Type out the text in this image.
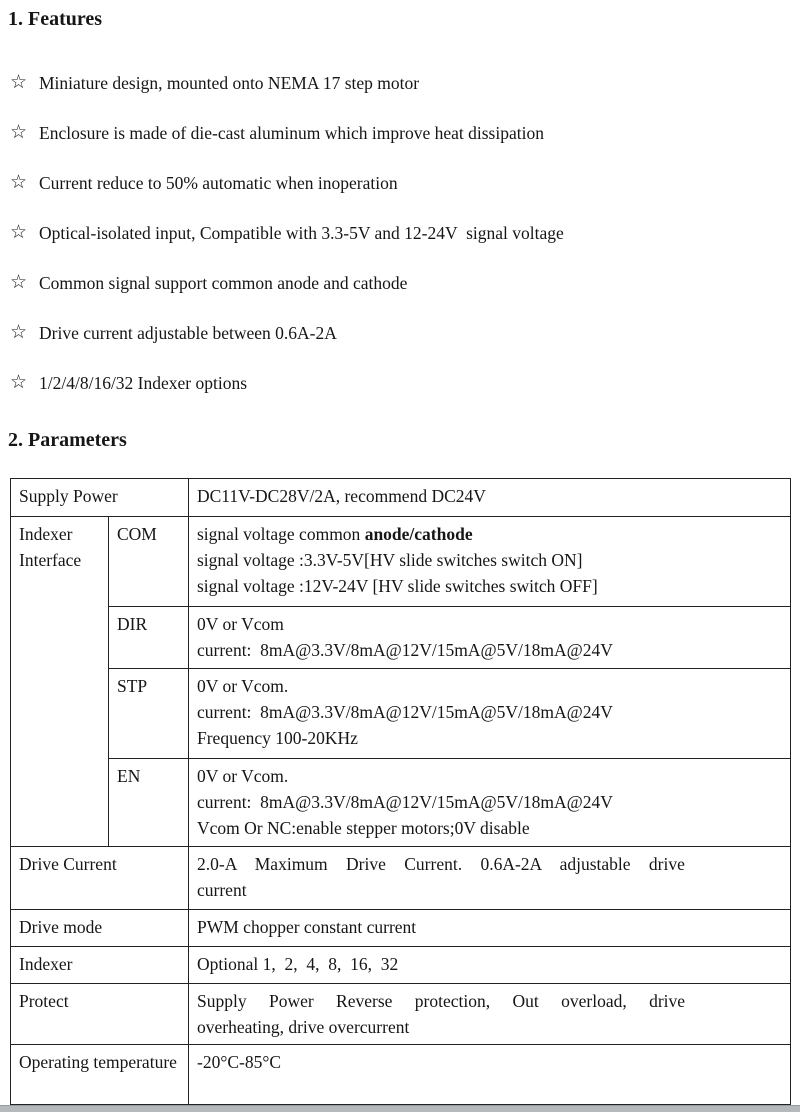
1. Features
☆ Miniature design, mounted onto NEMA 17 step motor
☆ Enclosure is made of die-cast aluminum which improve heat dissipation
☆ Current reduce to 50% automatic when inoperation
☆ Optical-isolated input, Compatible with 3.3-5V and 12-24V  signal voltage
☆ Common signal support common anode and cathode
☆ Drive current adjustable between 0.6A-2A
☆ 1/2/4/8/16/32 Indexer options
2. Parameters
Supply Power		DC11V-DC28V/2A, recommend DC24V
Indexer Interface	COM	signal voltage common anode/cathode
signal voltage :3.3V-5V[HV slide switches switch ON]
signal voltage :12V-24V [HV slide switches switch OFF]

	DIR	0V or Vcom
current:  8mA@3.3V/8mA@12V/15mA@5V/18mA@24V

	STP	0V or Vcom.
current:  8mA@3.3V/8mA@12V/15mA@5V/18mA@24V
Frequency 100-20KHz

	EN	0V or Vcom.
current:  8mA@3.3V/8mA@12V/15mA@5V/18mA@24V
Vcom Or NC:enable stepper motors;0V disable

Drive Current		2.0-A Maximum Drive Current. 0.6A-2A adjustable drive
current

Drive mode		PWM chopper constant current

Indexer		Optional 1,  2,  4,  8,  16,  32

Protect		Supply Power Reverse protection, Out overload, drive
overheating, drive overcurrent

Operating temperature		-20°C-85°C
